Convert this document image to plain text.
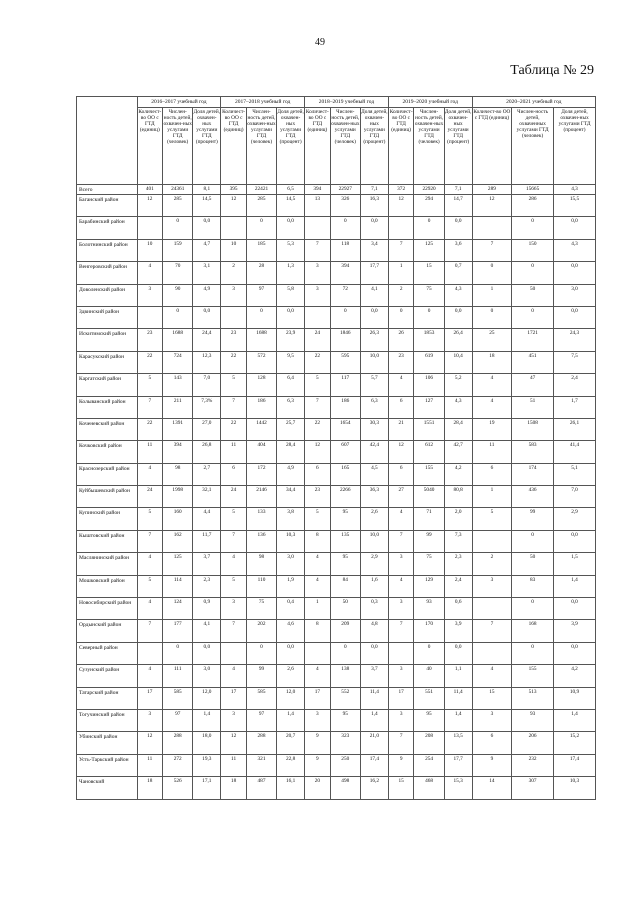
49
Таблица № 29
	2016–2017 учебный год			2017–2018 учебный год			2018–2019 учебный год			2019–2020 учебный год			2020–2021 учебный год		
	Количест-во ОО с ГТД (единиц)	Числен-ность детей, охвачен-ных услугами ГТД (человек)	Доля детей, охвачен-ных услугами ГТД (процент)	Количест-во ОО с ГТД (единиц)	Числен-ность детей, охвачен-ных услугами ГТД (человек)	Доля детей, охвачен-ных услугами ГТД (процент)	Количест-во ОО с ГТД (единиц)	Числен-ность детей, охвачен-ных услугами ГТД (человек)	Доля детей, охвачен-ных услугами ГТД (процент)	Количест-во ОО с ГТД (единиц)	Числен-ность детей, охвачен-ных услугами ГТД (человек)	Доля детей, охвачен-ных услугами ГТД (процент)	Количест-во ОО с ГТД (единиц)	Числен-ность детей, охваченных услугами ГТД (человек)	Доля детей, охвачен-ных услугами ГТД (процент)
Всего	401	24361	8,1	395	22421	6,5	394	22927	7,1	372	22920	7,1	289	15665	4,3
Баганский район	12	285	14,5	12	285	14,5	13	326	16,3	12	294	14,7	12	286	15,5
Барабинский район		0	0,0		0	0,0		0	0,0		0	0,0		0	0,0
Болотнинский район	10	159	4,7	10	185	5,3	7	118	3,4	7	125	3,6	7	150	4,3
Венгеровский район	4	70	3,1	2	28	1,3	3	394	17,7	1	15	0,7	0	0	0,0
Доволенский район	3	90	4,9	3	97	5,8	3	72	4,1	2	75	4,3	1	50	3,0
Здвинский район		0	0,0		0	0,0		0	0,0	0	0	0,0	0	0	0,0
Искитимский район	23	1688	24,4	23	1688	23,9	24	1846	26,3	26	1853	26,4	25	1721	24,3
Карасукский район	22	724	12,3	22	572	9,5	22	595	10,0	23	619	10,4	18	451	7,5
Каргатский район	5	143	7,0	5	128	6,4	5	117	5,7	4	106	5,2	4	47	2,4
Колыванский район	7	211	7,3%	7	186	6,3	7	186	6,3	6	127	4,3	4	51	1,7
Коченевский район	22	1391	27,0	22	1442	25,7	22	1654	30,3	21	1551	28,4	19	1508	26,1
Кочковский район	11	394	26,8	11	404	28,4	12	607	42,4	12	612	42,7	11	583	41,4
Краснозерский район	4	98	2,7	6	172	4,9	6	165	4,5	6	155	4,2	6	174	5,1
Куйбышевский район	24	1998	32,1	24	2146	34,4	23	2266	36,3	27	5040	80,8	1	436	7,0
Купинский район	5	160	4,4	5	133	3,8	5	95	2,6	4	71	2,0	5	99	2,9
Кыштовский район	7	162	11,7	7	136	10,3	8	135	10,0	7	99	7,3		0	0,0
Маслянинский район	4	125	3,7	4	98	3,0	4	95	2,9	3	75	2,3	2	50	1,5
Мошковский район	5	114	2,3	5	110	1,9	4	84	1,6	4	129	2,4	3	83	1,4
Новосибирский район	4	124	0,9	3	75	0,4	1	50	0,3	3	93	0,6		0	0,0
Ордынский район	7	177	4,1	7	202	4,6	8	209	4,8	7	170	3,9	7	168	3,9
Северный район		0	0,0		0	0,0		0	0,0		0	0,0		0	0,0
Сузунский район	4	111	3,0	4	99	2,6	4	138	3,7	3	40	1,1	4	155	4,2
Татарский район	17	585	12,0	17	585	12,0	17	552	11,4	17	551	11,4	15	513	10,9
Тогучинский район	3	97	1,4	3	97	1,4	3	95	1,4	3	95	1,4	3	93	1,4
Убинский район	12	288	18,0	12	288	20,7	9	323	21,0	7	208	13,5	6	206	15,2
Усть-Таркский район	11	272	19,3	11	321	22,8	9	250	17,4	9	254	17,7	9	232	17,4
Чановский	18	526	17,1	18	487	16,1	20	498	16,2	15	468	15,3	14	307	10,3
